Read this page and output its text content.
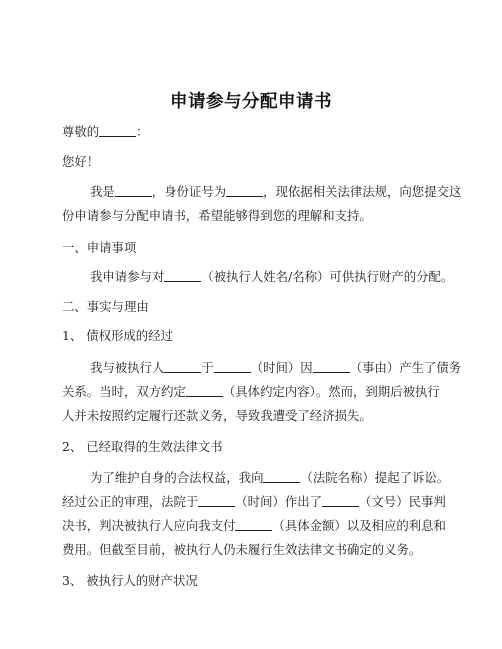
申请参与分配申请书
尊敬的	：
您好！
我是	，身份证号为	，现依据相关法律法规，向您提交这
份申请参与分配申请书，希望能够得到您的理解和支持。
一、申请事项
我申请参与对	（被执行人姓名/名称）可供执行财产的分配。
二、事实与理由
1、 债权形成的经过
我与被执行人	于	（时间）因	（事由）产生了债务
关系。当时，双方约定	（具体约定内容）。然而，到期后被执行
人并未按照约定履行还款义务，导致我遭受了经济损失。
2、 已经取得的生效法律文书
为了维护自身的合法权益，我向	（法院名称）提起了诉讼。
经过公正的审理，法院于	（时间）作出了	（文号）民事判
决书，判决被执行人应向我支付	（具体金额）以及相应的利息和
费用。但截至目前，被执行人仍未履行生效法律文书确定的义务。
3、 被执行人的财产状况
